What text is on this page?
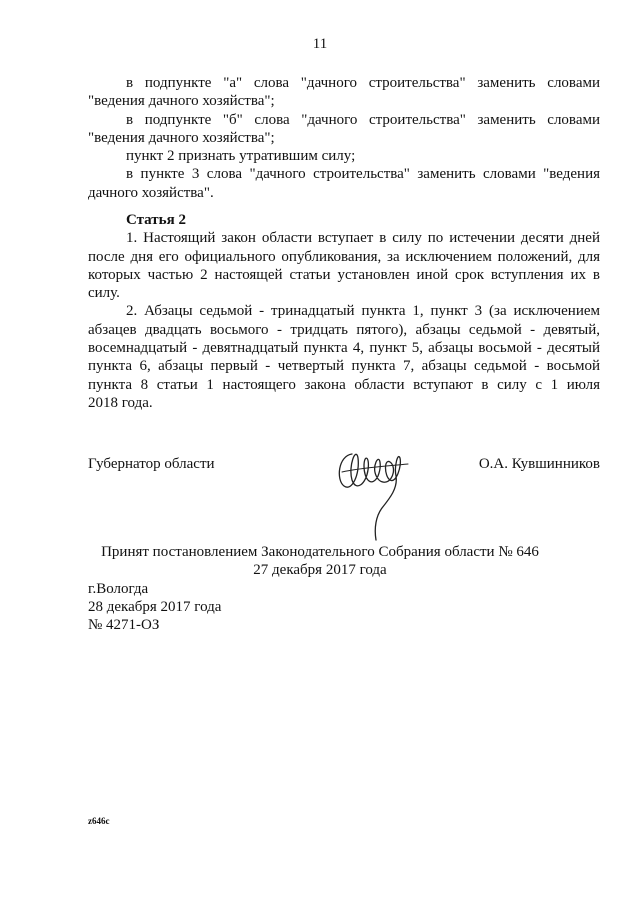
11
в подпункте "а" слова "дачного строительства" заменить словами
"ведения дачного хозяйства";
в подпункте "б" слова "дачного строительства" заменить словами
"ведения дачного хозяйства";
пункт 2 признать утратившим силу;
в пункте 3 слова "дачного строительства" заменить словами "ведения
дачного хозяйства".
Статья 2
1. Настоящий закон области вступает в силу по истечении десяти дней
после дня его официального опубликования, за исключением положений, для
которых частью 2 настоящей статьи установлен иной срок вступления их в
силу.
2. Абзацы седьмой - тринадцатый пункта 1, пункт 3 (за исключением
абзацев двадцать восьмого - тридцать пятого), абзацы седьмой - девятый,
восемнадцатый - девятнадцатый пункта 4, пункт 5, абзацы восьмой - десятый
пункта 6, абзацы первый - четвертый пункта 7, абзацы седьмой - восьмой
пункта 8 статьи 1 настоящего закона области вступают в силу с 1 июля
2018 года.
Губернатор области	О.А. Кувшинников
Принят постановлением Законодательного Собрания области № 646
27 декабря 2017 года
г.Вологда
28 декабря 2017 года
№ 4271-ОЗ
z646c
